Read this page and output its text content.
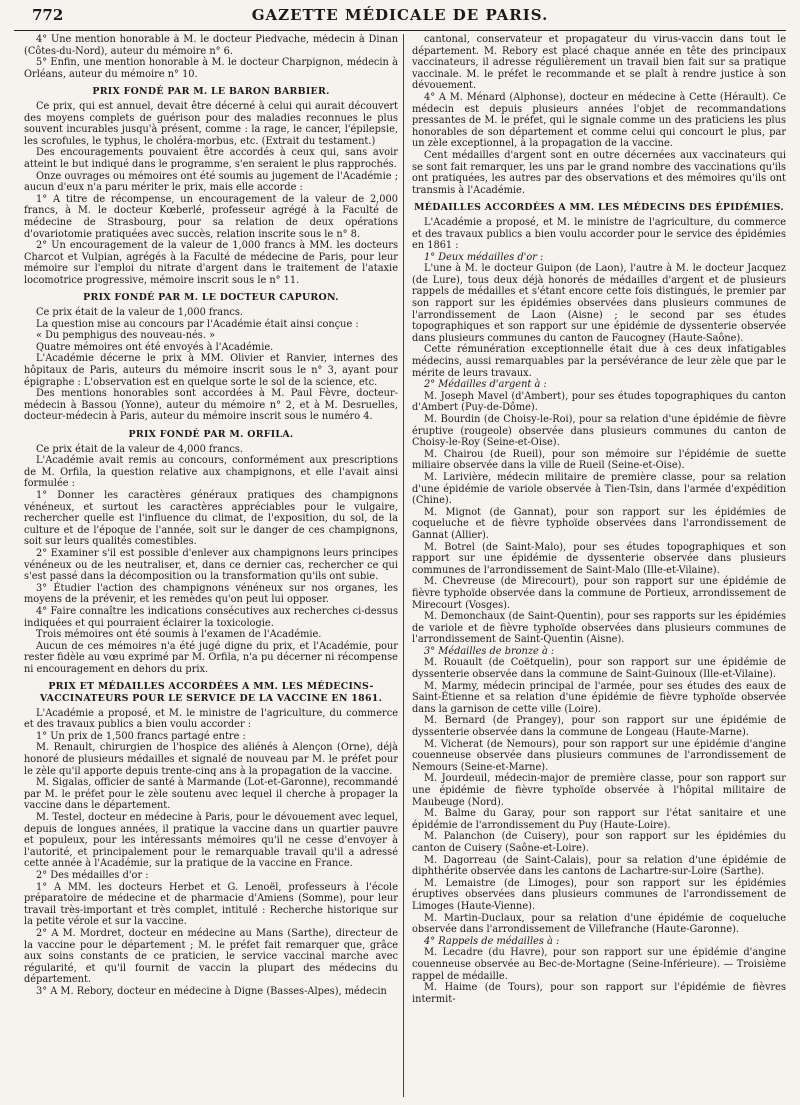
772	GAZETTE MÉDICALE DE PARIS.

4° Une mention honorable à M. le docteur Piedvache, médecin à Dinan (Côtes-du-Nord), auteur du mémoire n° 6.

5° Enfin, une mention honorable à M. le docteur Charpignon, médecin à Orléans, auteur du mémoire n° 10.

PRIX FONDÉ PAR M. LE BARON BARBIER.

Ce prix, qui est annuel, devait être décerné à celui qui aurait découvert des moyens complets de guérison pour des maladies reconnues le plus souvent incurables jusqu'à présent, comme : la rage, le cancer, l'épilepsie, les scrofules, le typhus, le choléra-morbus, etc. (Extrait du testament.)

Des encouragements pouvaient être accordés à ceux qui, sans avoir atteint le but indiqué dans le programme, s'en seraient le plus rapprochés.

Onze ouvrages ou mémoires ont été soumis au jugement de l'Académie ; aucun d'eux n'a paru mériter le prix, mais elle accorde :

1° A titre de récompense, un encouragement de la valeur de 2,000 francs, à M. le docteur Kœberlé, professeur agrégé à la Faculté de médecine de Strasbourg, pour sa relation de deux opérations d'ovariotomie pratiquées avec succès, relation inscrite sous le n° 8.

2° Un encouragement de la valeur de 1,000 francs à MM. les docteurs Charcot et Vulpian, agrégés à la Faculté de médecine de Paris, pour leur mémoire sur l'emploi du nitrate d'argent dans le traitement de l'ataxie locomotrice progressive, mémoire inscrit sous le n° 11.

PRIX FONDÉ PAR M. LE DOCTEUR CAPURON.

Ce prix était de la valeur de 1,000 francs.

La question mise au concours par l'Académie était ainsi conçue :

« Du pemphigus des nouveau-nés. »

Quatre mémoires ont été envoyés à l'Académie.

L'Académie décerne le prix à MM. Olivier et Ranvier, internes des hôpitaux de Paris, auteurs du mémoire inscrit sous le n° 3, ayant pour épigraphe : L'observation est en quelque sorte le sol de la science, etc.

Des mentions honorables sont accordées à M. Paul Fèvre, docteur-médecin à Bassou (Yonne), auteur du mémoire n° 2, et à M. Desruelles, docteur-médecin à Paris, auteur du mémoire inscrit sous le numéro 4.

PRIX FONDÉ PAR M. ORFILA.

Ce prix était de la valeur de 4,000 francs.

L'Académie avait remis au concours, conformément aux prescriptions de M. Orfila, la question relative aux champignons, et elle l'avait ainsi formulée :

1° Donner les caractères généraux pratiques des champignons vénéneux, et surtout les caractères appréciables pour le vulgaire, rechercher quelle est l'influence du climat, de l'exposition, du sol, de la culture et de l'époque de l'année, soit sur le danger de ces champignons, soit sur leurs qualités comestibles.

2° Examiner s'il est possible d'enlever aux champignons leurs principes vénéneux ou de les neutraliser, et, dans ce dernier cas, rechercher ce qui s'est passé dans la décomposition ou la transformation qu'ils ont subie.

3° Étudier l'action des champignons vénéneux sur nos organes, les moyens de la prévenir, et les remèdes qu'on peut lui opposer.

4° Faire connaître les indications consécutives aux recherches ci-dessus indiquées et qui pourraient éclairer la toxicologie.

Trois mémoires ont été soumis à l'examen de l'Académie.

Aucun de ces mémoires n'a été jugé digne du prix, et l'Académie, pour rester fidèle au vœu exprimé par M. Orfila, n'a pu décerner ni récompense ni encouragement en dehors du prix.

PRIX ET MÉDAILLES ACCORDÉES A MM. LES MÉDECINS-VACCINATEURS POUR LE SERVICE DE LA VACCINE EN 1861.

L'Académie a proposé, et M. le ministre de l'agriculture, du commerce et des travaux publics a bien voulu accorder :

1° Un prix de 1,500 francs partagé entre :

M. Renault, chirurgien de l'hospice des aliénés à Alençon (Orne), déjà honoré de plusieurs médailles et signalé de nouveau par M. le préfet pour le zèle qu'il apporte depuis trente-cinq ans à la propagation de la vaccine.

M. Sigalas, officier de santé à Marmande (Lot-et-Garonne), recommandé par M. le préfet pour le zèle soutenu avec lequel il cherche à propager la vaccine dans le département.

M. Testel, docteur en médecine à Paris, pour le dévouement avec lequel, depuis de longues années, il pratique la vaccine dans un quartier pauvre et populeux, pour les intéressants mémoires qu'il ne cesse d'envoyer à l'autorité, et principalement pour le remarquable travail qu'il a adressé cette année à l'Académie, sur la pratique de la vaccine en France.

2° Des médailles d'or :

1° A MM. les docteurs Herbet et G. Lenoël, professeurs à l'école préparatoire de médecine et de pharmacie d'Amiens (Somme), pour leur travail très-important et très complet, intitulé : Recherche historique sur la petite vérole et sur la vaccine.

2° A M. Mordret, docteur en médecine au Mans (Sarthe), directeur de la vaccine pour le département ; M. le préfet fait remarquer que, grâce aux soins constants de ce praticien, le service vaccinal marche avec régularité, et qu'il fournit de vaccin la plupart des médecins du département.

3° A M. Rebory, docteur en médecine à Digne (Basses-Alpes), médecin

cantonal, conservateur et propagateur du virus-vaccin dans tout le département. M. Rebory est placé chaque année en tête des principaux vaccinateurs, il adresse régulièrement un travail bien fait sur sa pratique vaccinale. M. le préfet le recommande et se plaît à rendre justice à son dévouement.

4° A M. Ménard (Alphonse), docteur en médecine à Cette (Hérault). Ce médecin est depuis plusieurs années l'objet de recommandations pressantes de M. le préfet, qui le signale comme un des praticiens les plus honorables de son département et comme celui qui concourt le plus, par un zèle exceptionnel, à la propagation de la vaccine.

Cent médailles d'argent sont en outre décernées aux vaccinateurs qui se sont fait remarquer, les uns par le grand nombre des vaccinations qu'ils ont pratiquées, les autres par des observations et des mémoires qu'ils ont transmis à l'Académie.

MÉDAILLES ACCORDÉES A MM. LES MÉDECINS DES ÉPIDÉMIES.

L'Académie a proposé, et M. le ministre de l'agriculture, du commerce et des travaux publics a bien voulu accorder pour le service des épidémies en 1861 :

1° Deux médailles d'or :

L'une à M. le docteur Guipon (de Laon), l'autre à M. le docteur Jacquez (de Lure), tous deux déjà honorés de médailles d'argent et de plusieurs rappels de médailles et s'étant encore cette fois distingués, le premier par son rapport sur les épidémies observées dans plusieurs communes de l'arrondissement de Laon (Aisne) ; le second par ses études topographiques et son rapport sur une épidémie de dyssenterie observée dans plusieurs communes du canton de Faucogney (Haute-Saône).

Cette rémunération exceptionnelle était due à ces deux infatigables médecins, aussi remarquables par la persévérance de leur zèle que par le mérite de leurs travaux.

2° Médailles d'argent à :

M. Joseph Mavel (d'Ambert), pour ses études topographiques du canton d'Ambert (Puy-de-Dôme).

M. Bourdin (de Choisy-le-Roi), pour sa relation d'une épidémie de fièvre éruptive (rougeole) observée dans plusieurs communes du canton de Choisy-le-Roy (Seine-et-Oise).

M. Chairou (de Rueil), pour son mémoire sur l'épidémie de suette miliaire observée dans la ville de Rueil (Seine-et-Oise).

M. Larivière, médecin militaire de première classe, pour sa relation d'une épidémie de variole observée à Tien-Tsin, dans l'armée d'expédition (Chine).

M. Mignot (de Gannat), pour son rapport sur les épidémies de coqueluche et de fièvre typhoïde observées dans l'arrondissement de Gannat (Allier).

M. Botrel (de Saint-Malo), pour ses études topographiques et son rapport sur une épidémie de dyssenterie observée dans plusieurs communes de l'arrondissement de Saint-Malo (Ille-et-Vilaine).

M. Chevreuse (de Mirecourt), pour son rapport sur une épidémie de fièvre typhoïde observée dans la commune de Portieux, arrondissement de Mirecourt (Vosges).

M. Demonchaux (de Saint-Quentin), pour ses rapports sur les épidémies de variole et de fièvre typhoïde observées dans plusieurs communes de l'arrondissement de Saint-Quentin (Aisne).

3° Médailles de bronze à :

M. Rouault (de Coëtquelin), pour son rapport sur une épidémie de dyssenterie observée dans la commune de Saint-Guinoux (Ille-et-Vilaine).

M. Marmy, médecin principal de l'armée, pour ses études des eaux de Saint-Étienne et sa relation d'une épidémie de fièvre typhoïde observée dans la garnison de cette ville (Loire).

M. Bernard (de Prangey), pour son rapport sur une épidémie de dyssenterie observée dans la commune de Longeau (Haute-Marne).

M. Vicherat (de Nemours), pour son rapport sur une épidémie d'angine couenneuse observée dans plusieurs communes de l'arrondissement de Nemours (Seine-et-Marne).

M. Jourdeuil, médecin-major de première classe, pour son rapport sur une épidémie de fièvre typhoïde observée à l'hôpital militaire de Maubeuge (Nord).

M. Balme du Garay, pour son rapport sur l'état sanitaire et une épidémie de l'arrondissement du Puy (Haute-Loire).

M. Palanchon (de Cuisery), pour son rapport sur les épidémies du canton de Cuisery (Saône-et-Loire).

M. Dagorreau (de Saint-Calais), pour sa relation d'une épidémie de diphthérite observée dans les cantons de Lachartre-sur-Loire (Sarthe).

M. Lemaistre (de Limoges), pour son rapport sur les épidémies éruptives observées dans plusieurs communes de l'arrondissement de Limoges (Haute-Vienne).

M. Martin-Duclaux, pour sa relation d'une épidémie de coqueluche observée dans l'arrondissement de Villefranche (Haute-Garonne).

4° Rappels de médailles à :

M. Lecadre (du Havre), pour son rapport sur une épidémie d'angine couenneuse observée au Bec-de-Mortagne (Seine-Inférieure). — Troisième rappel de médaille.

M. Haime (de Tours), pour son rapport sur l'épidémie de fièvres intermit-
